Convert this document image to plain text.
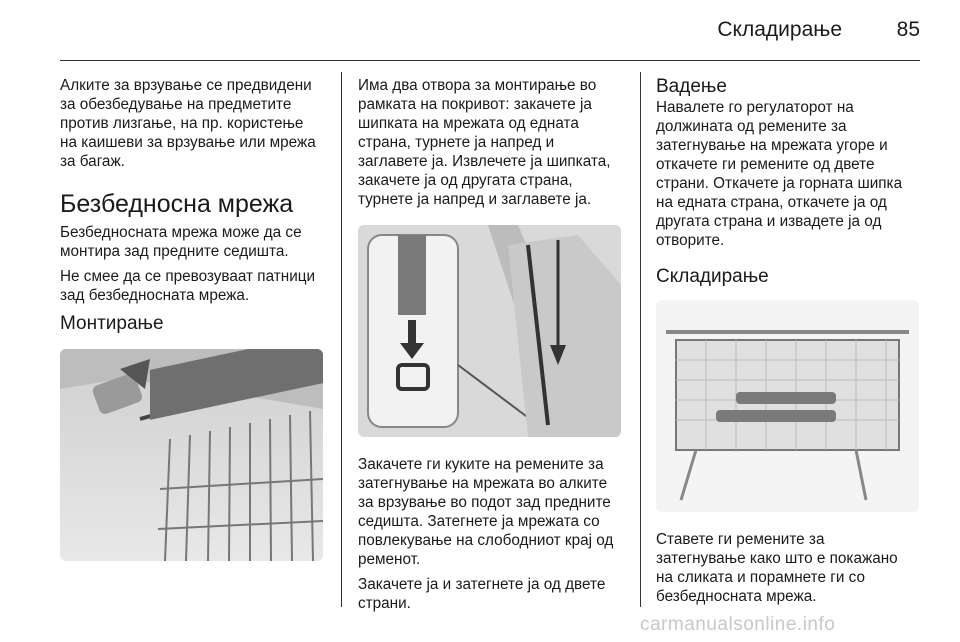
Складирање	85

Алките за врзување се предвидени
за обезбедување на предметите
против лизгање, на пр. користење
на каишеви за врзување или мрежа
за багаж.

Безбедносна мрежа

Безбедносната мрежа може да се
монтира зад предните седишта.

Не смее да се превозуваат патници
зад безбедносната мрежа.

Монтирање

Има два отвора за монтирање во
рамката на покривот: закачете ја
шипката на мрежата од едната
страна, турнете ја напред и
заглавете ја. Извлечете ја шипката,
закачете ја од другата страна,
турнете ја напред и заглавете ја.

Закачете ги куките на ремените за
затегнување на мрежата во алките
за врзување во подот зад предните
седишта. Затегнете ја мрежата со
повлекување на слободниот крај од
ременот.

Закачете ја и затегнете ја од двете
страни.

Вадење

Навалете го регулаторот на
должината од ремените за
затегнување на мрежата угоре и
откачете ги ремените од двете
страни. Откачете ја горната шипка
на едната страна, откачете ја од
другата страна и извадете ја од
отворите.

Складирање

Ставете ги ремените за
затегнување како што е покажано
на сликата и порамнете ги со
безбедносната мрежа.

carmanualsonline.info
